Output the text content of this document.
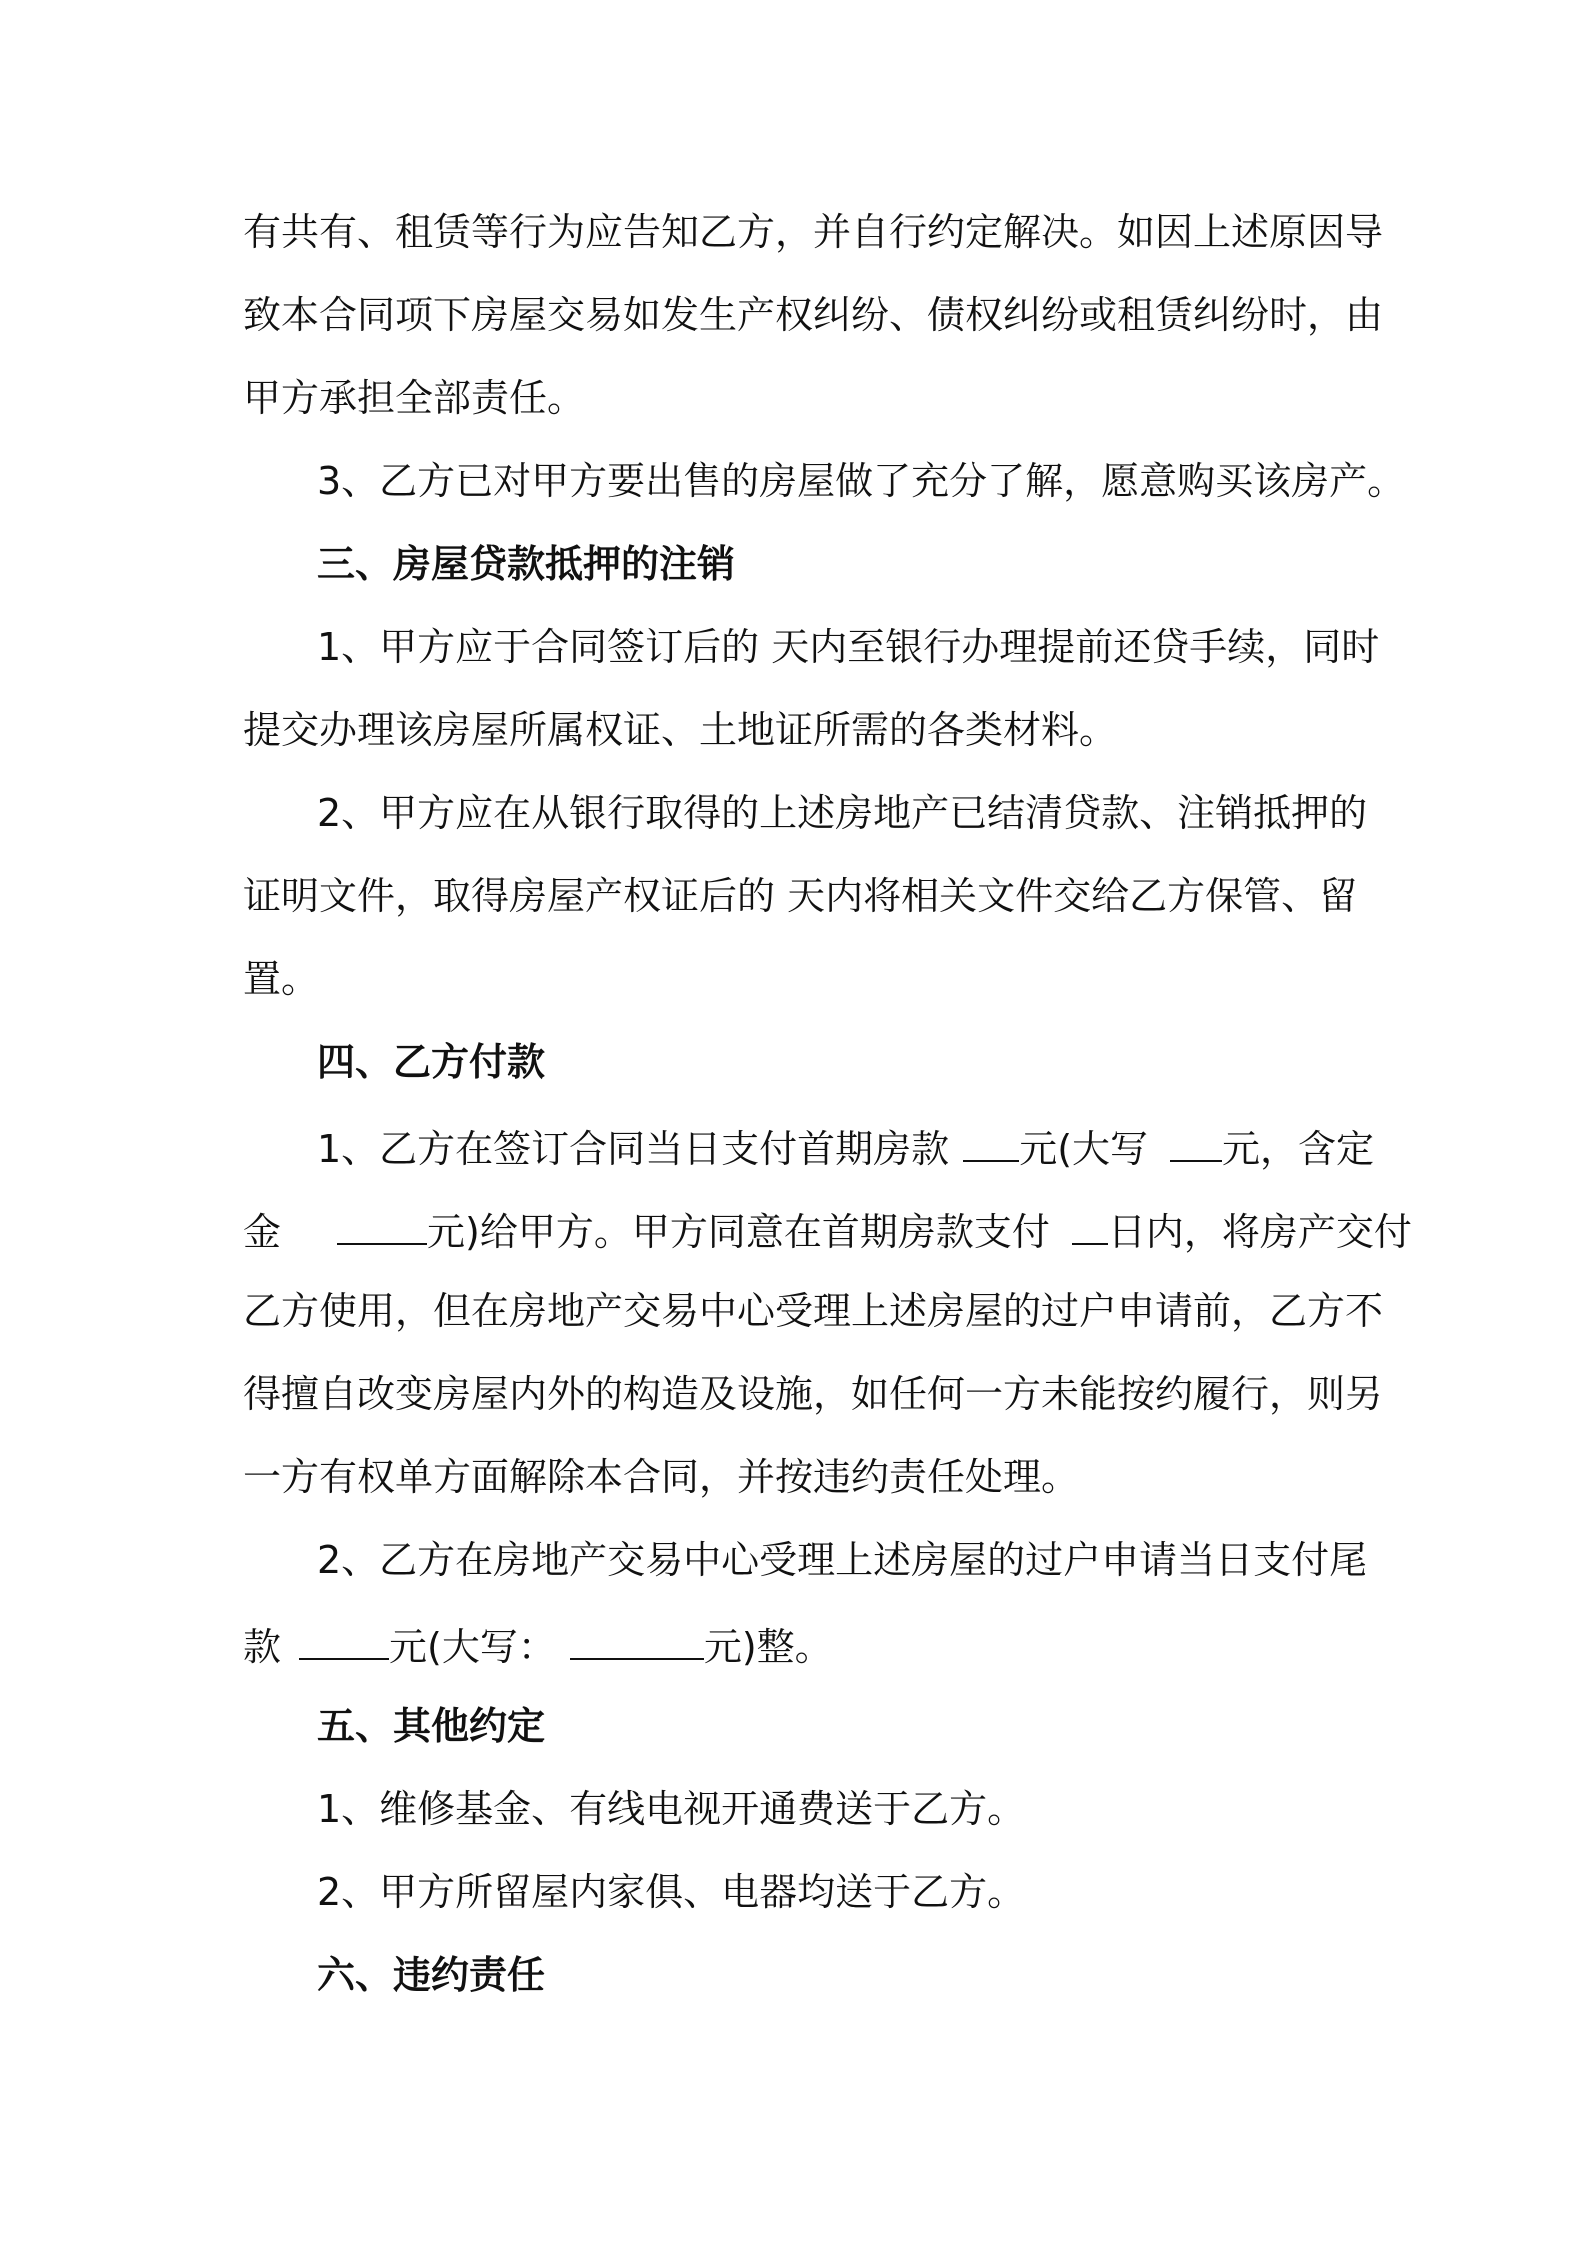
有共有、租赁等行为应告知乙方，并自行约定解决。如因上述原因导
致本合同项下房屋交易如发生产权纠纷、债权纠纷或租赁纠纷时，由
甲方承担全部责任。
3、乙方已对甲方要出售的房屋做了充分了解，愿意购买该房产。
三、房屋贷款抵押的注销
1、甲方应于合同签订后的 天内至银行办理提前还贷手续，同时
提交办理该房屋所属权证、土地证所需的各类材料。
2、甲方应在从银行取得的上述房地产已结清贷款、注销抵押的
证明文件，取得房屋产权证后的 天内将相关文件交给乙方保管、留
置。
四、乙方付款
1、乙方在签订合同当日支付首期房款 元(大写 元，含定
金	元)给甲方。甲方同意在首期房款支付 日内，将房产交付
乙方使用，但在房地产交易中心受理上述房屋的过户申请前，乙方不
得擅自改变房屋内外的构造及设施，如任何一方未能按约履行，则另
一方有权单方面解除本合同，并按违约责任处理。
2、乙方在房地产交易中心受理上述房屋的过户申请当日支付尾
款	元(大写：	元)整。
五、其他约定
1、维修基金、有线电视开通费送于乙方。
2、甲方所留屋内家俱、电器均送于乙方。
六、违约责任
